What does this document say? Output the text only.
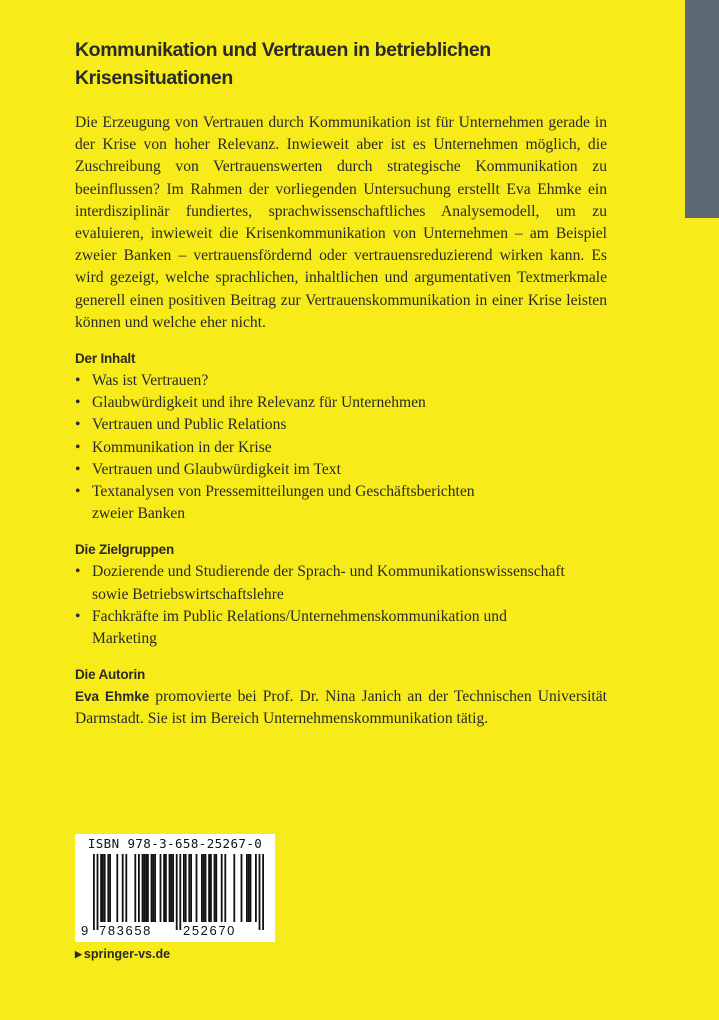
Kommunikation und Vertrauen in betrieblichen
Krisensituationen

Die Erzeugung von Vertrauen durch Kommunikation ist für Unternehmen gerade in der Krise von hoher Relevanz. Inwieweit aber ist es Unternehmen möglich, die Zuschreibung von Vertrauenswerten durch strategische Kommunikation zu beeinflussen? Im Rahmen der vorliegenden Untersuchung erstellt Eva Ehmke ein interdisziplinär fundiertes, sprachwissenschaftliches Analysemodell, um zu evaluieren, inwieweit die Krisenkommunikation von Unternehmen – am Beispiel zweier Banken – vertrauensfördernd oder vertrauensreduzierend wirken kann. Es wird gezeigt, welche sprachlichen, inhaltlichen und argumentativen Textmerkmale generell einen positiven Beitrag zur Vertrauenskommunikation in einer Krise leisten können und welche eher nicht.

Der Inhalt
• Was ist Vertrauen?
• Glaubwürdigkeit und ihre Relevanz für Unternehmen
• Vertrauen und Public Relations
• Kommunikation in der Krise
• Vertrauen und Glaubwürdigkeit im Text
• Textanalysen von Pressemitteilungen und Geschäftsberichten zweier Banken
Die Zielgruppen
• Dozierende und Studierende der Sprach- und Kommunikationswissenschaft sowie Betriebswirtschaftslehre
• Fachkräfte im Public Relations/Unternehmenskommunikation und Marketing
Die Autorin

Eva Ehmke promovierte bei Prof. Dr. Nina Janich an der Technischen Universität Darmstadt. Sie ist im Bereich Unternehmenskommunikation tätig.

ISBN 978-3-658-25267-0
9 783658 252670
▶ springer-vs.de
